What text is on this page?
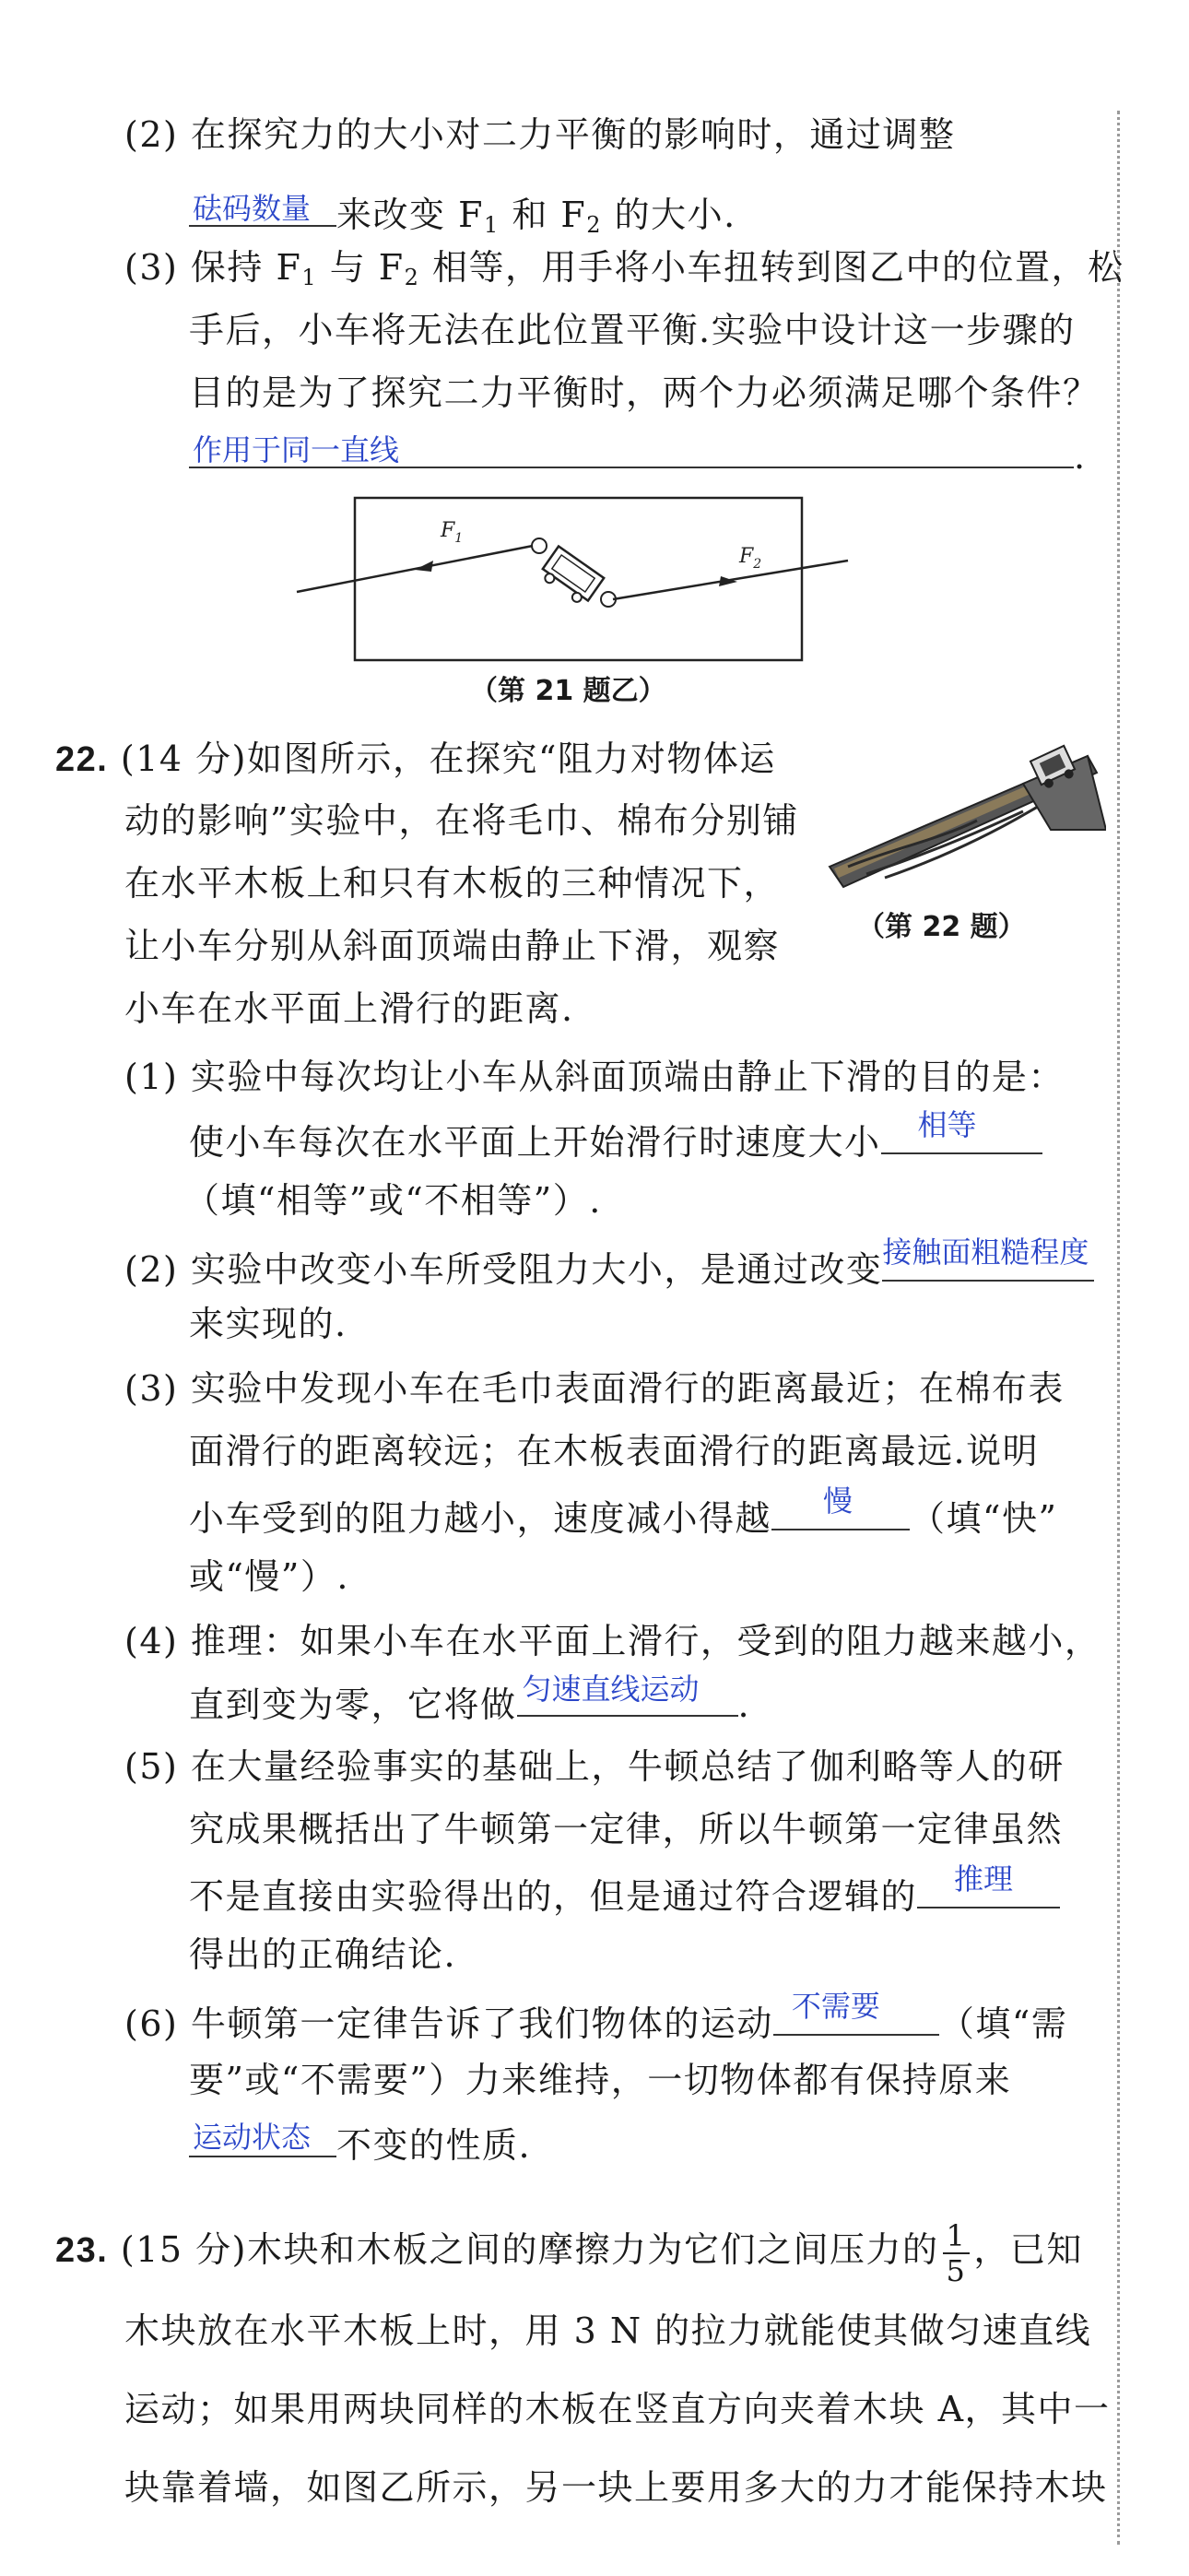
(2) 在探究力的大小对二力平衡的影响时，通过调整
砝码数量 来改变 $F_1$ 和 $F_2$ 的大小.
(3) 保持 $F_1$ 与 $F_2$ 相等，用手将小车扭转到图乙中的位置，松
手后，小车将无法在此位置平衡.实验中设计这一步骤的
目的是为了探究二力平衡时，两个力必须满足哪个条件？
作用于同一直线	.
$F_1$
$F_2$
（第 21 题乙）
22. (14 分)如图所示，在探究“阻力对物体运
动的影响”实验中，在将毛巾、棉布分别铺
在水平木板上和只有木板的三种情况下，
让小车分别从斜面顶端由静止下滑，观察
小车在水平面上滑行的距离.
（第 22 题）
(1) 实验中每次均让小车从斜面顶端由静止下滑的目的是：
使小车每次在水平面上开始滑行时速度大小 相等
（填“相等”或“不相等”）.
(2) 实验中改变小车所受阻力大小，是通过改变 接触面粗糙程度
来实现的.
(3) 实验中发现小车在毛巾表面滑行的距离最近；在棉布表
面滑行的距离较远；在木板表面滑行的距离最远.说明
小车受到的阻力越小，速度减小得越 慢 （填“快”
或“慢”）.
(4) 推理：如果小车在水平面上滑行，受到的阻力越来越小，
直到变为零，它将做 匀速直线运动 .
(5) 在大量经验事实的基础上，牛顿总结了伽利略等人的研
究成果概括出了牛顿第一定律，所以牛顿第一定律虽然
不是直接由实验得出的，但是通过符合逻辑的 推理
得出的正确结论.
(6) 牛顿第一定律告诉了我们物体的运动 不需要 （填“需
要”或“不需要”）力来维持，一切物体都有保持原来
运动状态 不变的性质.
23. (15 分)木块和木板之间的摩擦力为它们之间压力的 $\frac{1}{5}$ ，已知
木块放在水平木板上时，用 3 N 的拉力就能使其做匀速直线
运动；如果用两块同样的木板在竖直方向夹着木块 A，其中一
块靠着墙，如图乙所示，另一块上要用多大的力才能保持木块
